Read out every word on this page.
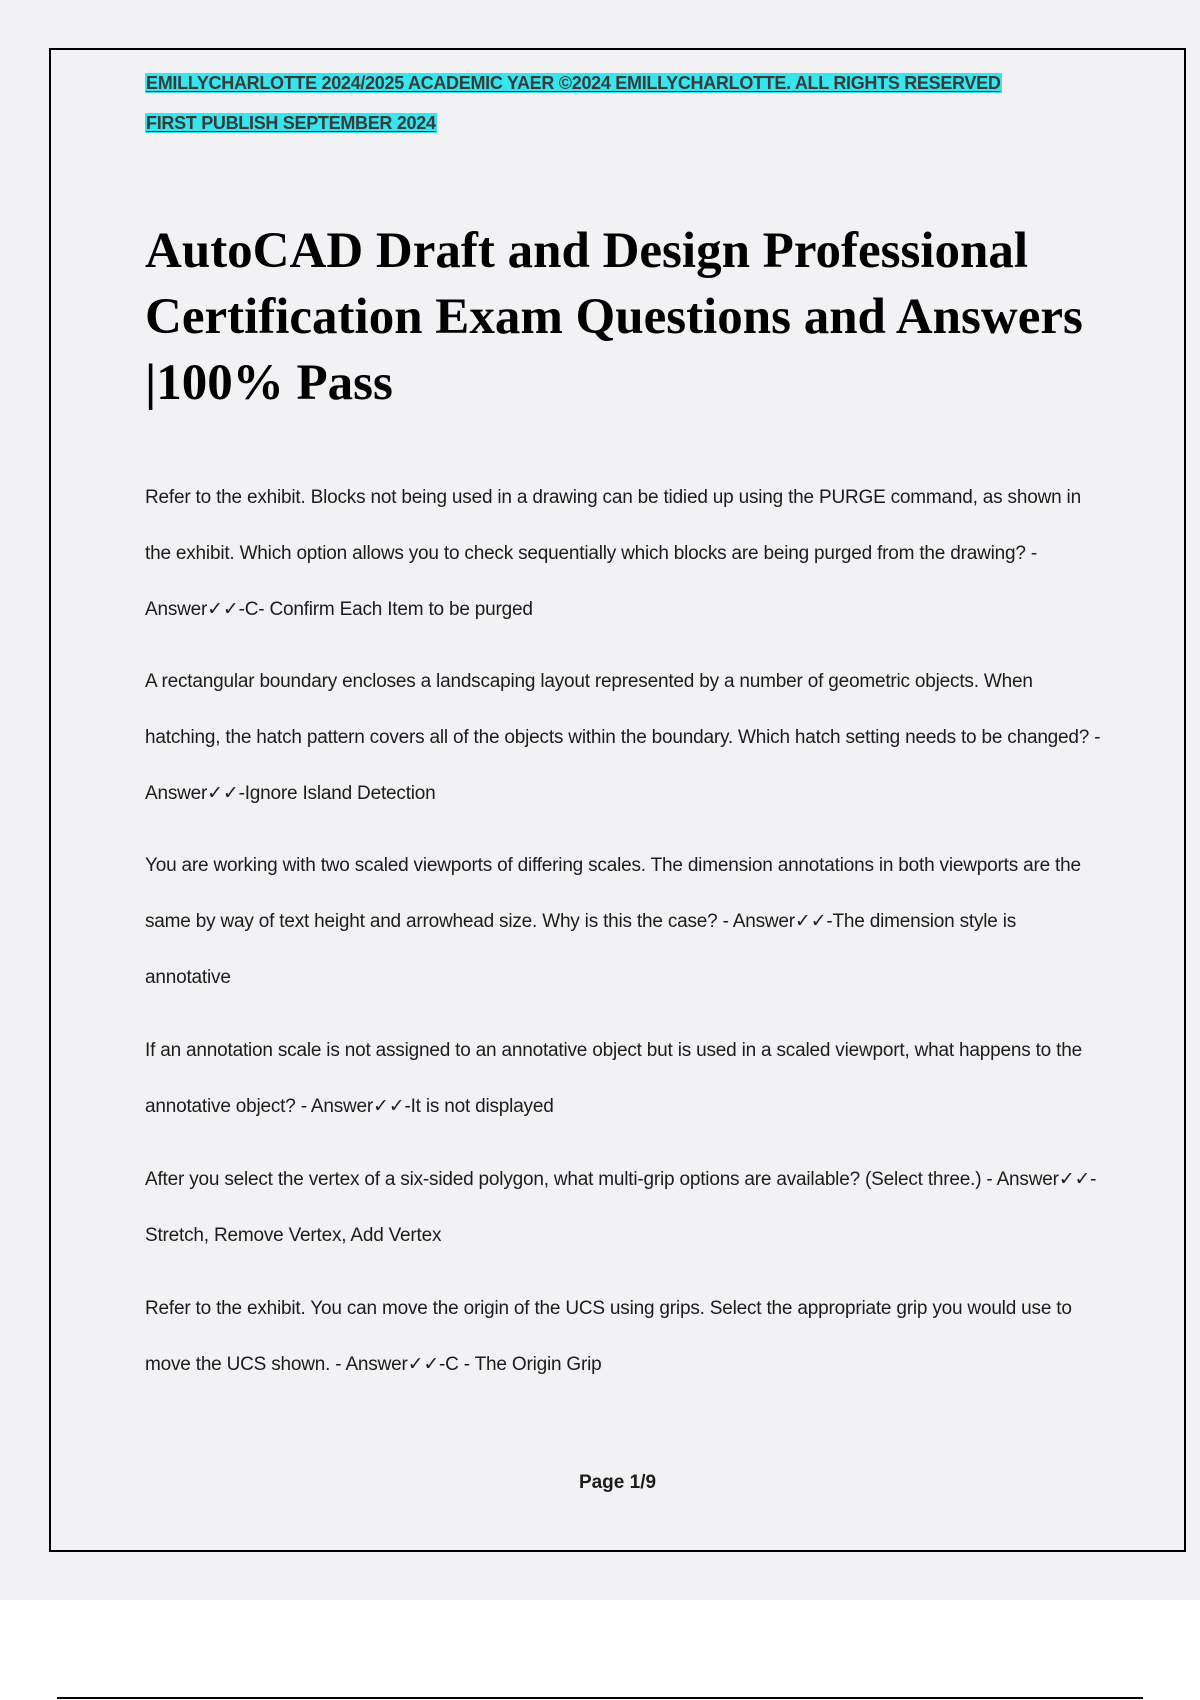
EMILLYCHARLOTTE 2024/2025 ACADEMIC YAER ©2024 EMILLYCHARLOTTE. ALL RIGHTS RESERVED
FIRST PUBLISH SEPTEMBER 2024
AutoCAD Draft and Design Professional Certification Exam Questions and Answers |100% Pass

Refer to the exhibit. Blocks not being used in a drawing can be tidied up using the PURGE command, as shown in the exhibit. Which option allows you to check sequentially which blocks are being purged from the drawing? - Answer✓✓-C- Confirm Each Item to be purged

A rectangular boundary encloses a landscaping layout represented by a number of geometric objects. When hatching, the hatch pattern covers all of the objects within the boundary. Which hatch setting needs to be changed? - Answer✓✓-Ignore Island Detection

You are working with two scaled viewports of differing scales. The dimension annotations in both viewports are the same by way of text height and arrowhead size. Why is this the case? - Answer✓✓-The dimension style is annotative

If an annotation scale is not assigned to an annotative object but is used in a scaled viewport, what happens to the annotative object? - Answer✓✓-It is not displayed

After you select the vertex of a six-sided polygon, what multi-grip options are available? (Select three.) - Answer✓✓-Stretch, Remove Vertex, Add Vertex

Refer to the exhibit. You can move the origin of the UCS using grips. Select the appropriate grip you would use to move the UCS shown. - Answer✓✓-C - The Origin Grip

Page 1/9
